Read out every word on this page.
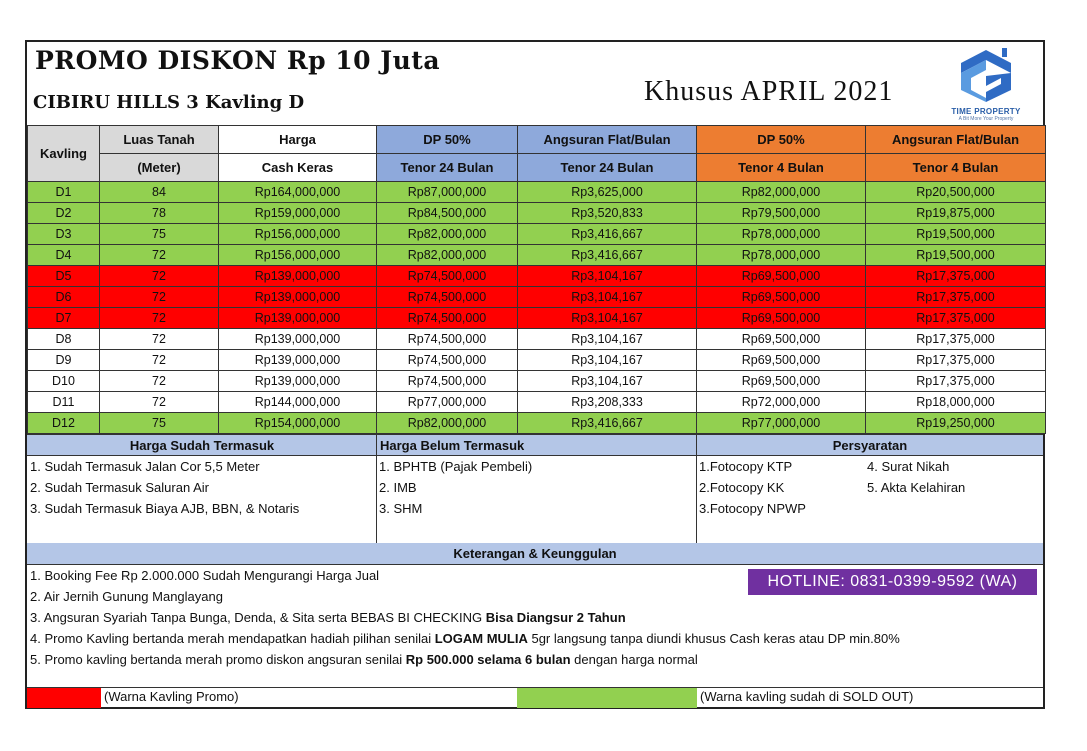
PROMO DISKON Rp 10 Juta
CIBIRU HILLS 3 Kavling D	Khusus APRIL 2021
TIME PROPERTY
A Bit More Your Property
Kavling	Luas Tanah	Harga	DP 50%	Angsuran Flat/Bulan	DP 50%	Angsuran Flat/Bulan
	(Meter)	Cash Keras	Tenor 24 Bulan	Tenor 24 Bulan	Tenor 4 Bulan	Tenor 4 Bulan
D1	84	Rp164,000,000	Rp87,000,000	Rp3,625,000	Rp82,000,000	Rp20,500,000
D2	78	Rp159,000,000	Rp84,500,000	Rp3,520,833	Rp79,500,000	Rp19,875,000
D3	75	Rp156,000,000	Rp82,000,000	Rp3,416,667	Rp78,000,000	Rp19,500,000
D4	72	Rp156,000,000	Rp82,000,000	Rp3,416,667	Rp78,000,000	Rp19,500,000
D5	72	Rp139,000,000	Rp74,500,000	Rp3,104,167	Rp69,500,000	Rp17,375,000
D6	72	Rp139,000,000	Rp74,500,000	Rp3,104,167	Rp69,500,000	Rp17,375,000
D7	72	Rp139,000,000	Rp74,500,000	Rp3,104,167	Rp69,500,000	Rp17,375,000
D8	72	Rp139,000,000	Rp74,500,000	Rp3,104,167	Rp69,500,000	Rp17,375,000
D9	72	Rp139,000,000	Rp74,500,000	Rp3,104,167	Rp69,500,000	Rp17,375,000
D10	72	Rp139,000,000	Rp74,500,000	Rp3,104,167	Rp69,500,000	Rp17,375,000
D11	72	Rp144,000,000	Rp77,000,000	Rp3,208,333	Rp72,000,000	Rp18,000,000
D12	75	Rp154,000,000	Rp82,000,000	Rp3,416,667	Rp77,000,000	Rp19,250,000
Harga Sudah Termasuk	Harga Belum Termasuk	Persyaratan
1. Sudah Termasuk Jalan Cor 5,5 Meter
2. Sudah Termasuk Saluran Air
3. Sudah Termasuk Biaya AJB, BBN, & Notaris
1. BPHTB (Pajak Pembeli)
2. IMB
3. SHM
1.Fotocopy KTP
2.Fotocopy KK
3.Fotocopy NPWP
4. Surat Nikah
5. Akta Kelahiran
Keterangan & Keunggulan
1. Booking Fee Rp 2.000.000 Sudah Mengurangi Harga Jual
2. Air Jernih Gunung Manglayang
3. Angsuran Syariah Tanpa Bunga, Denda, & Sita serta BEBAS BI CHECKING Bisa Diangsur 2 Tahun
4. Promo Kavling bertanda merah mendapatkan hadiah pilihan senilai LOGAM MULIA 5gr langsung tanpa diundi khusus Cash keras atau DP min.80%
5. Promo kavling bertanda merah promo diskon angsuran senilai Rp 500.000 selama 6 bulan dengan harga normal
HOTLINE: 0831-0399-9592 (WA)
(Warna Kavling Promo)	(Warna kavling sudah di SOLD OUT)
